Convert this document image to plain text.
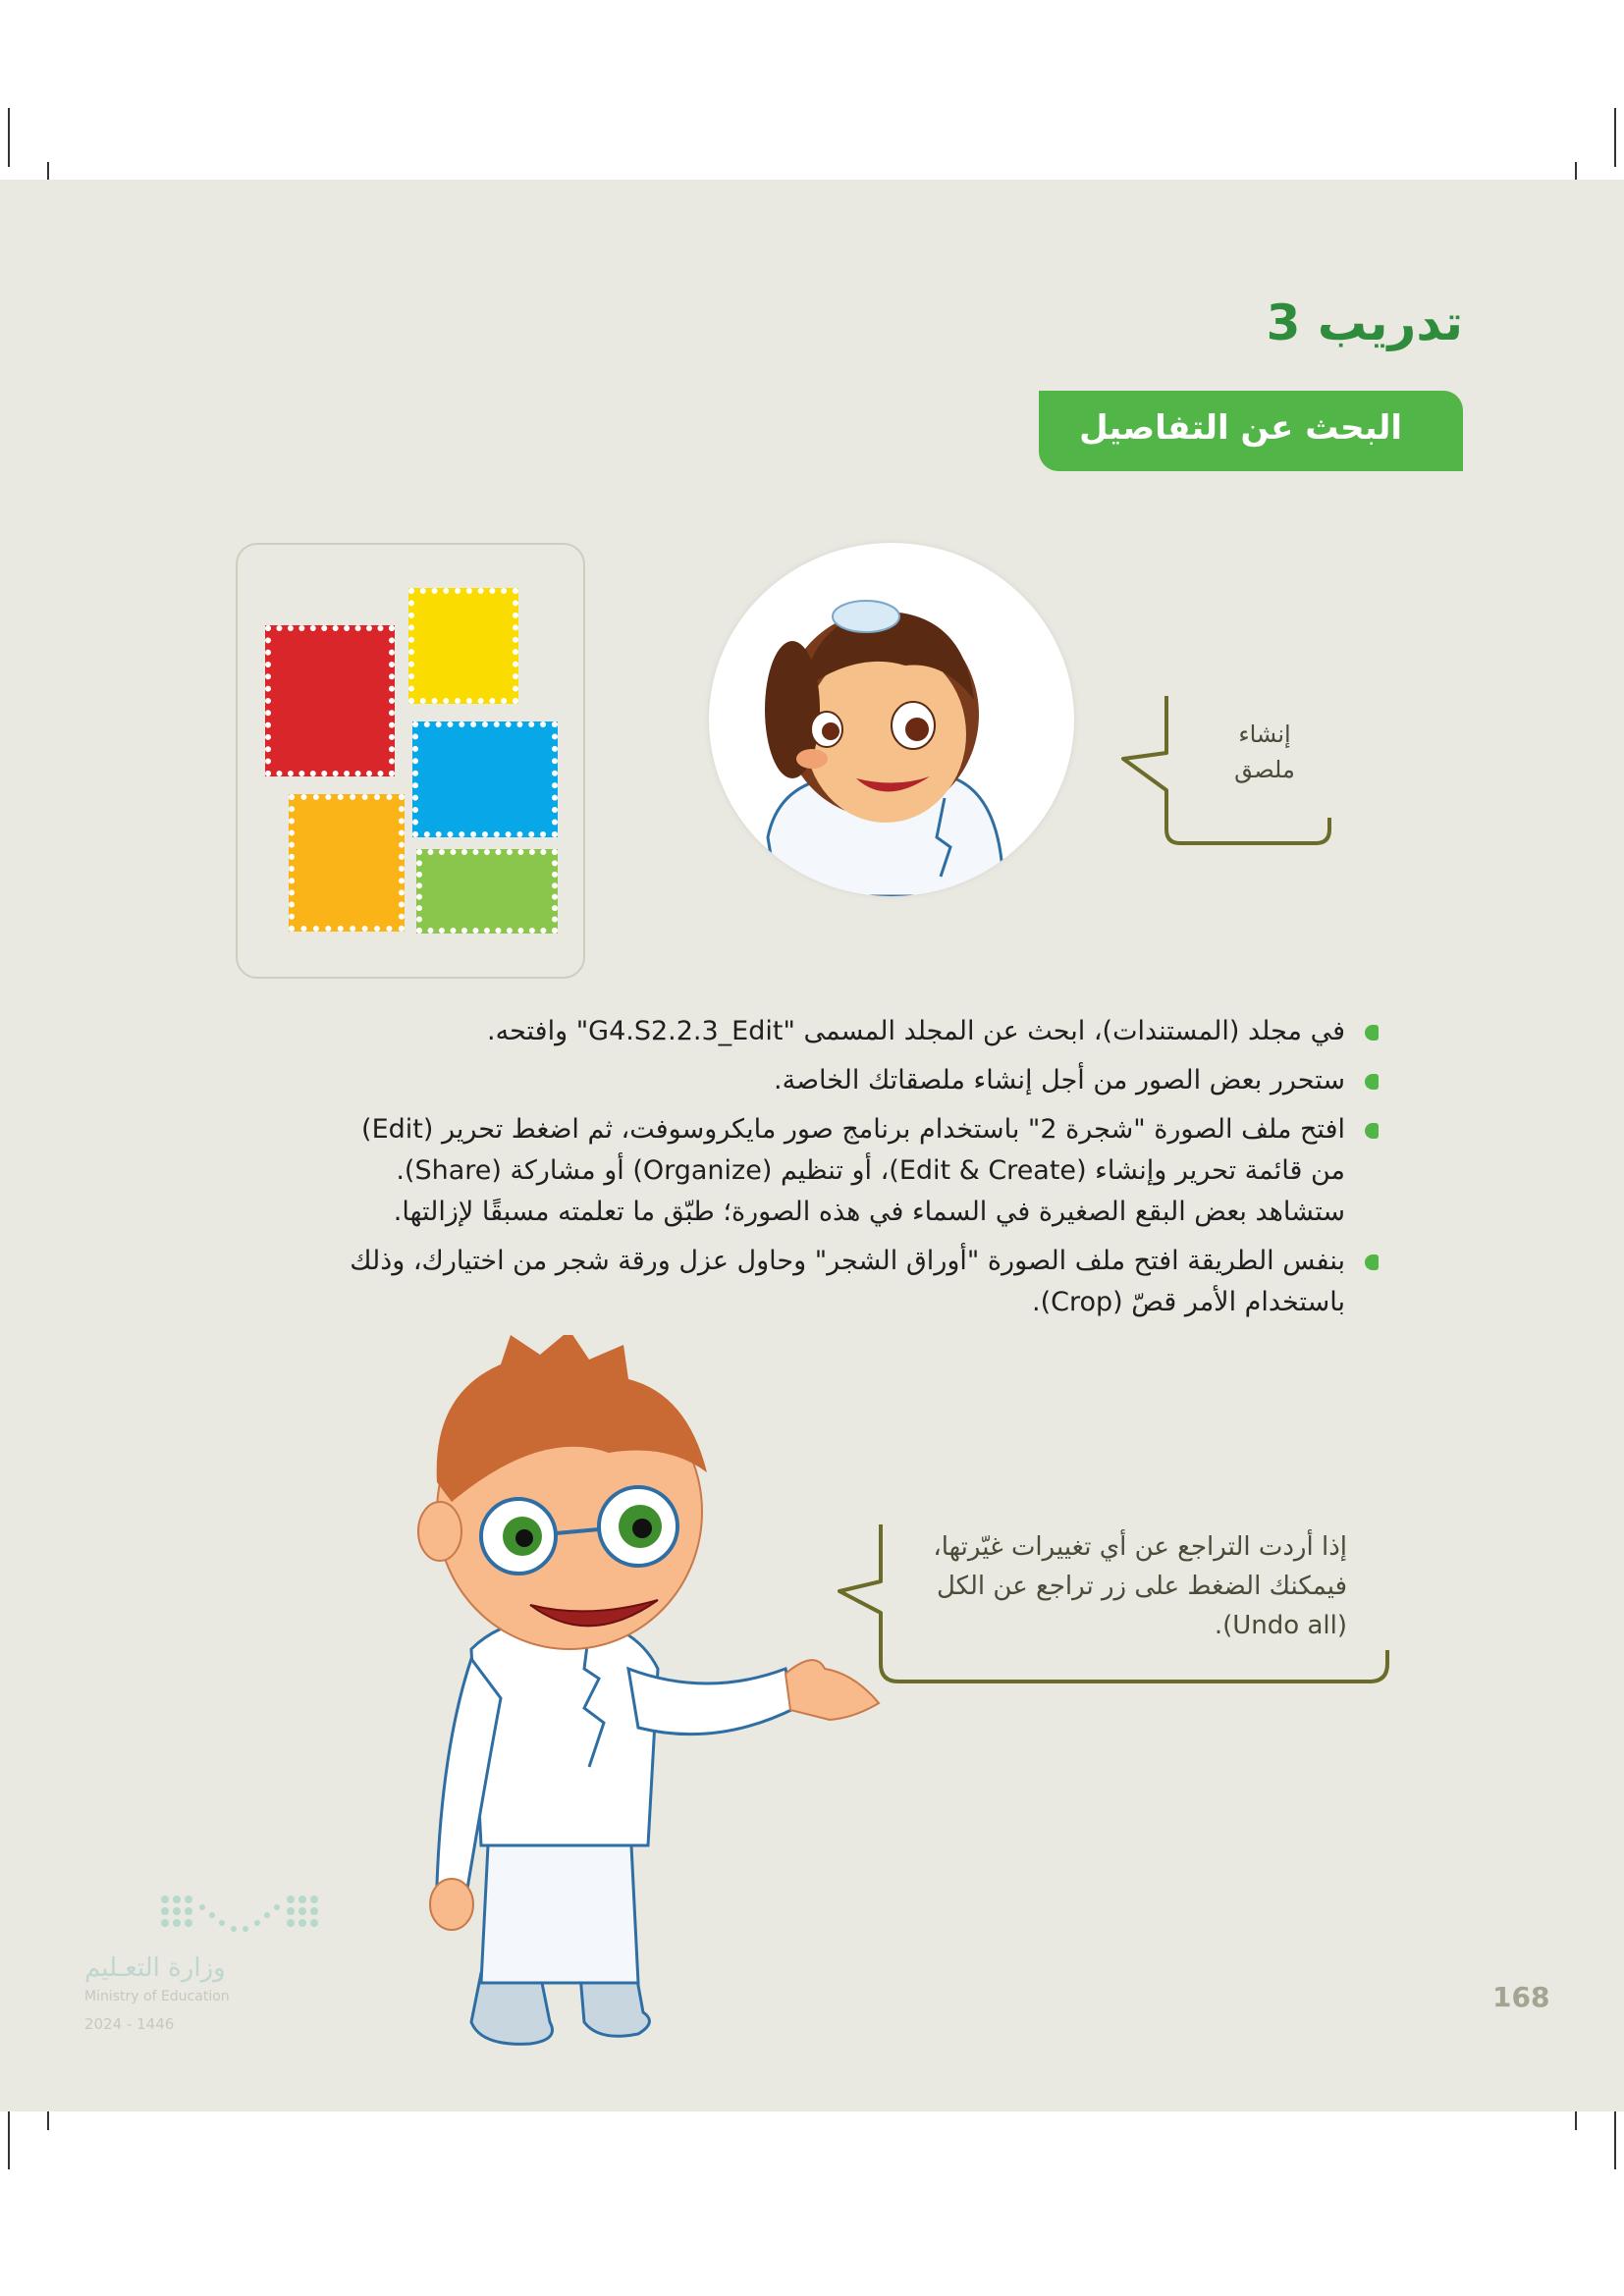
تدريب 3
البحث عن التفاصيل
إنشاء
ملصق
في مجلد (المستندات)، ابحث عن المجلد المسمى "G4.S2.2.3_Edit" وافتحه.
ستحرر بعض الصور من أجل إنشاء ملصقاتك الخاصة.
افتح ملف الصورة "شجرة 2" باستخدام برنامج صور مايكروسوفت، ثم اضغط تحرير (Edit)
من قائمة تحرير وإنشاء (Edit & Create)، أو تنظيم (Organize) أو مشاركة (Share).
ستشاهد بعض البقع الصغيرة في السماء في هذه الصورة؛ طبّق ما تعلمته مسبقًا لإزالتها.
بنفس الطريقة افتح ملف الصورة "أوراق الشجر" وحاول عزل ورقة شجر من اختيارك، وذلك
باستخدام الأمر قصّ (Crop).
إذا أردت التراجع عن أي تغييرات غيّرتها،
فيمكنك الضغط على زر تراجع عن الكل
(Undo all).
وزارة التعـليم
Ministry of Education
2024 - 1446
168
